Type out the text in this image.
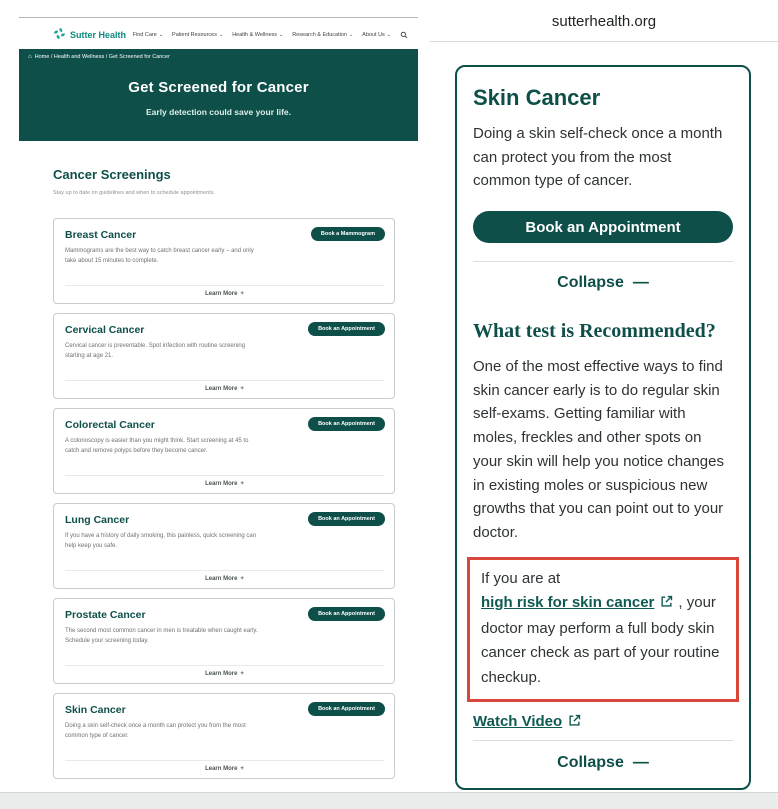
Sutter Health Find Care ⌄ Patient Resources ⌄ Health & Wellness ⌄ Research & Education ⌄ About Us ⌄
⌂ Home / Health and Wellness / Get Screened for Cancer
Get Screened for Cancer
Early detection could save your life.
Cancer Screenings
Stay up to date on guidelines and when to schedule appointments.
Breast Cancer	Book a Mammogram
Mammograms are the best way to catch breast cancer early – and only take about 15 minutes to complete.
Learn More +
Cervical Cancer	Book an Appointment
Cervical cancer is preventable. Spot infection with routine screening starting at age 21.
Learn More +
Colorectal Cancer	Book an Appointment
A colonoscopy is easier than you might think. Start screening at 45 to catch and remove polyps before they become cancer.
Learn More +
Lung Cancer	Book an Appointment
If you have a history of daily smoking, this painless, quick screening can help keep you safe.
Learn More +
Prostate Cancer	Book an Appointment
The second most common cancer in men is treatable when caught early. Schedule your screening today.
Learn More +
Skin Cancer	Book an Appointment
Doing a skin self-check once a month can protect you from the most common type of cancer.
Learn More +
sutterhealth.org
Skin Cancer
Doing a skin self-check once a month can protect you from the most common type of cancer.
Book an Appointment
Collapse —
What test is Recommended?
One of the most effective ways to find skin cancer early is to do regular skin self-exams. Getting familiar with moles, freckles and other spots on your skin will help you notice changes in existing moles or suspicious new growths that you can point out to your doctor.
If you are at
high risk for skin cancer , your doctor may perform a full body skin cancer check as part of your routine checkup.
Watch Video
Collapse —
